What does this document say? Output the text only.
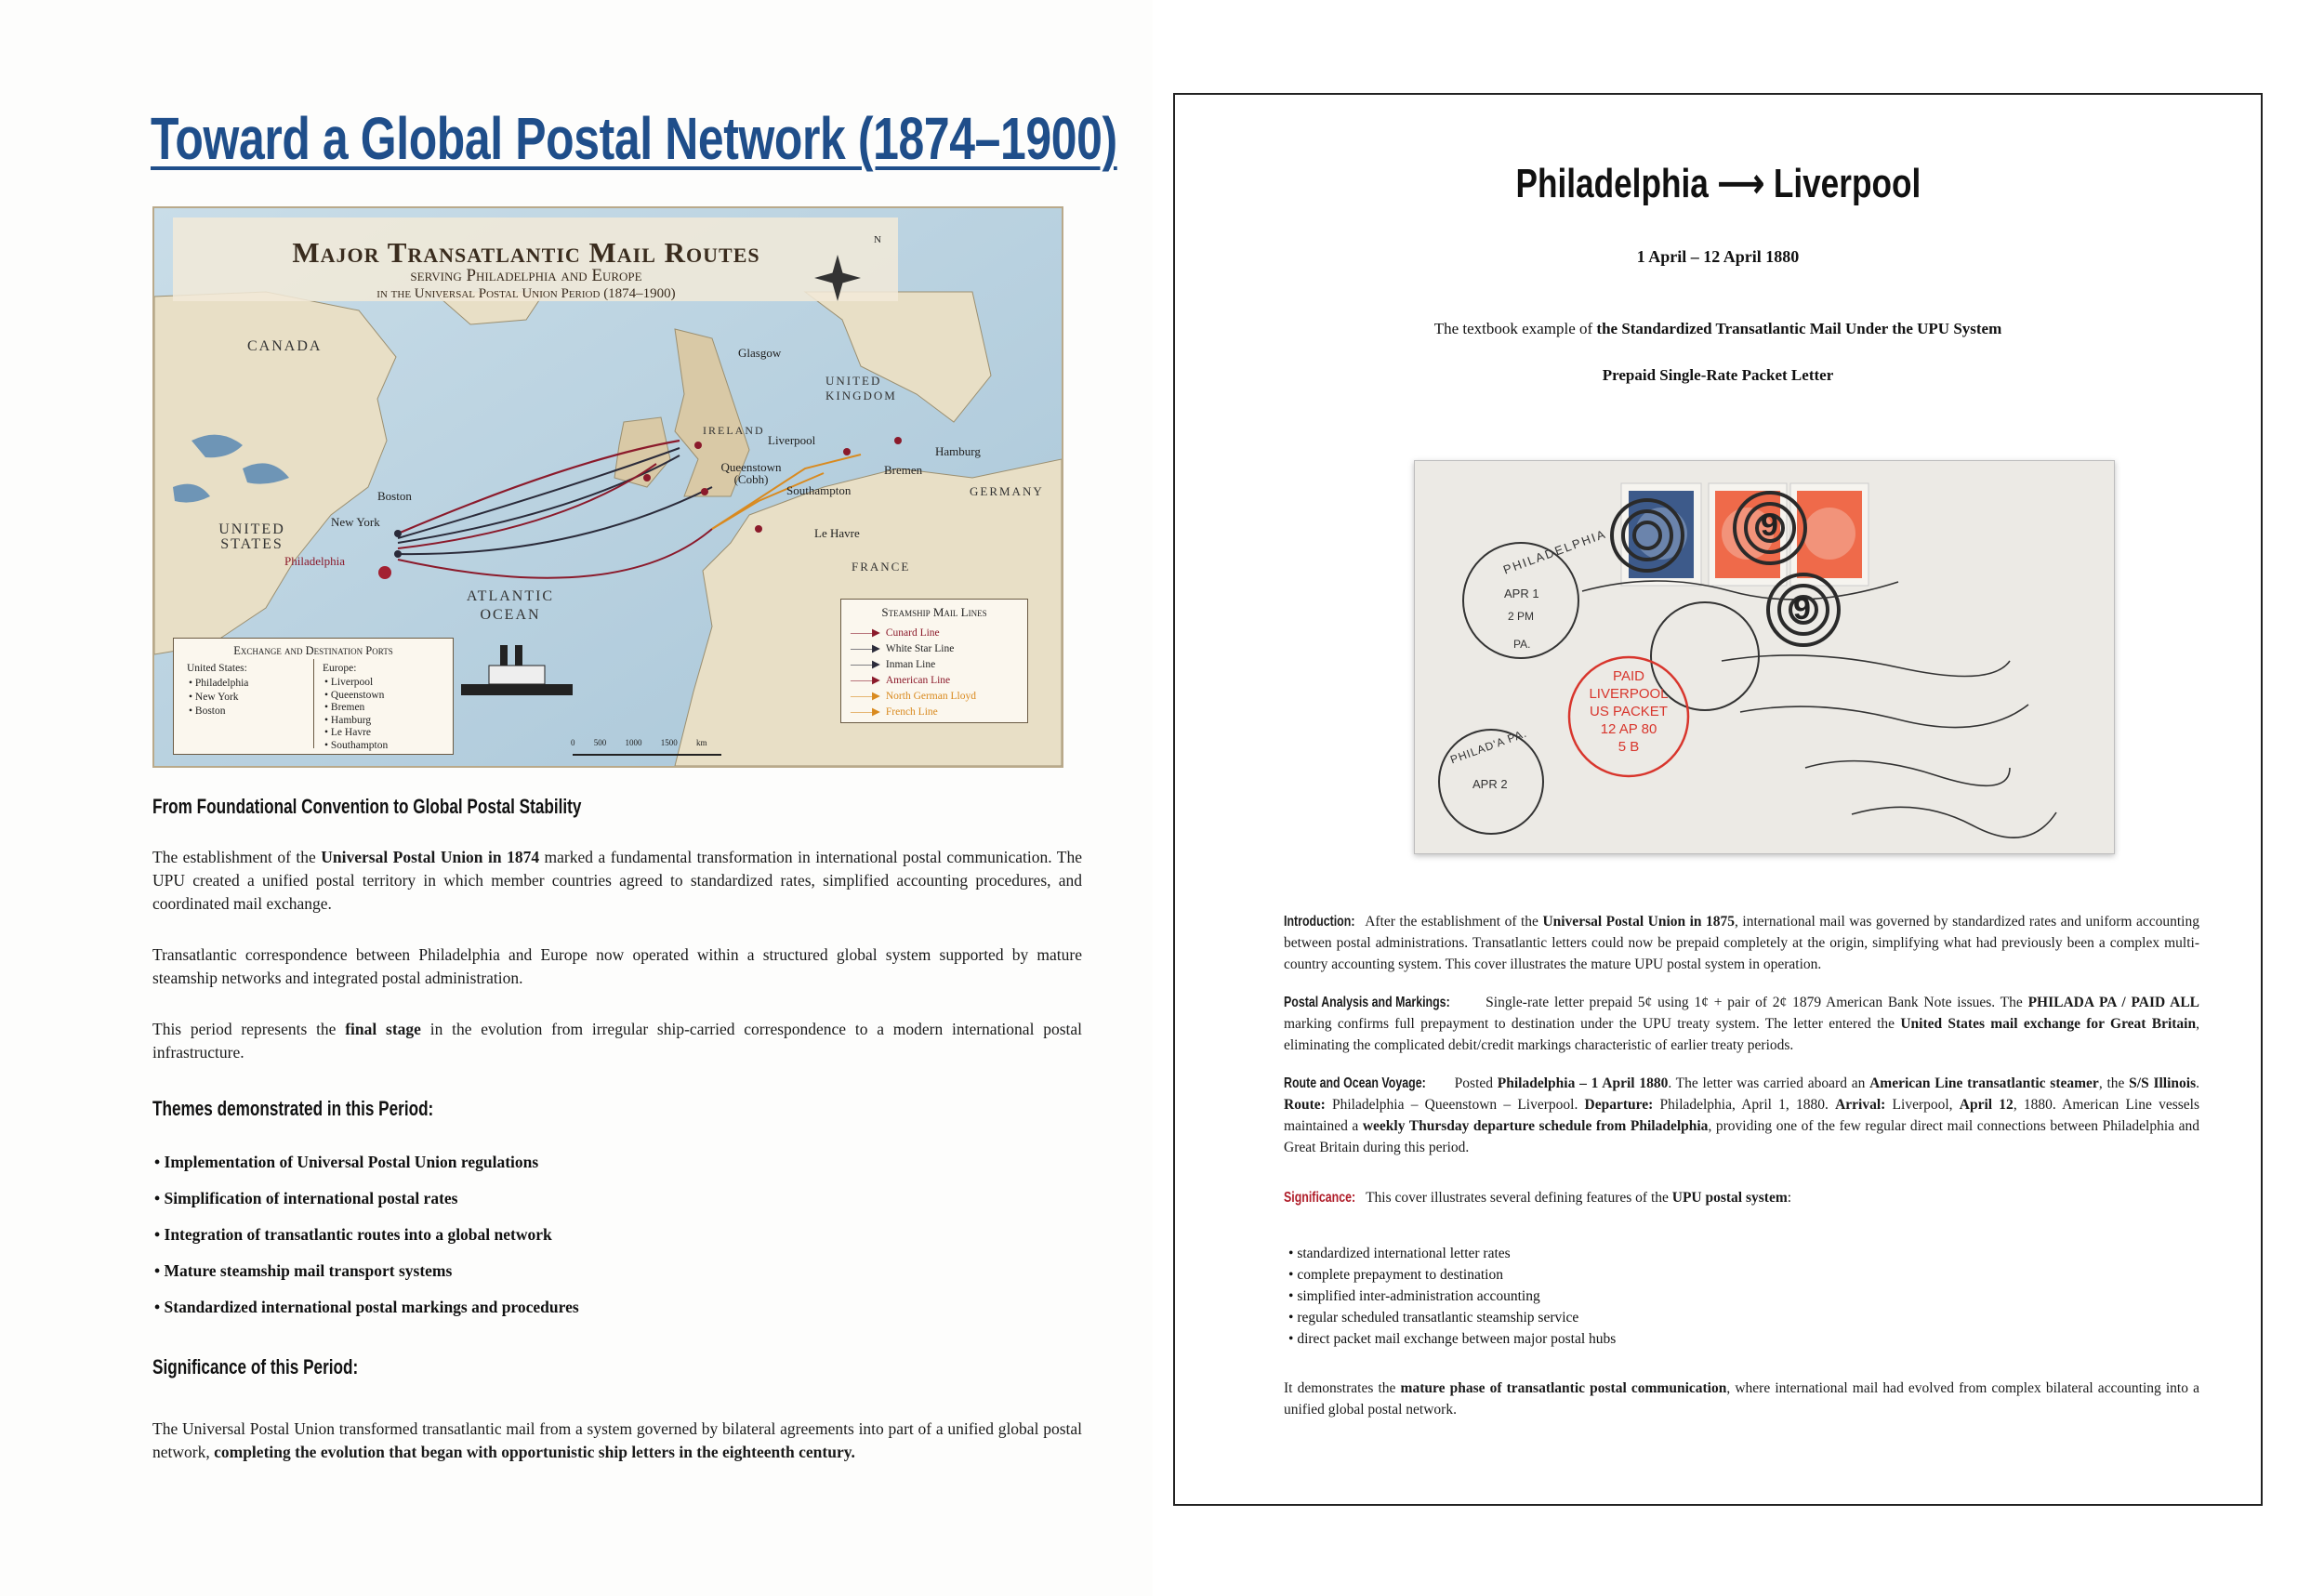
Toward a Global Postal Network (1874–1900)
Major Transatlantic Mail Routes
serving Philadelphia and Europe
in the Universal Postal Union Period (1874–1900)
N
CANADA
UNITED STATES
UNITED KINGDOM
IRELAND
GERMANY
FRANCE
ATLANTIC OCEAN
Glasgow
Liverpool
Queenstown (Cobh)
Southampton
Bremen
Hamburg
Le Havre
Boston
New York
Philadelphia
Exchange and Destination Ports
United States:
• Philadelphia
• New York
• Boston
Europe:
• Liverpool
• Queenstown
• Bremen
• Hamburg
• Le Havre
• Southampton
Steamship Mail Lines
——▶ Cunard Line
——▶ White Star Line
——▶ Inman Line
——▶ American Line
——▶ North German Lloyd
——▶ French Line
0 500 1000 1500 km
From Foundational Convention to Global Postal Stability
The establishment of the Universal Postal Union in 1874 marked a fundamental transformation in international postal communication. The UPU created a unified postal territory in which member countries agreed to standardized rates, simplified accounting procedures, and coordinated mail exchange.
Transatlantic correspondence between Philadelphia and Europe now operated within a structured global system supported by mature steamship networks and integrated postal administration.
This period represents the final stage in the evolution from irregular ship-carried correspondence to a modern international postal infrastructure.
Themes demonstrated in this Period:
• Implementation of Universal Postal Union regulations
• Simplification of international postal rates
• Integration of transatlantic routes into a global network
• Mature steamship mail transport systems
• Standardized international postal markings and procedures
Significance of this Period:
The Universal Postal Union transformed transatlantic mail from a system governed by bilateral agreements into part of a unified global postal network, completing the evolution that began with opportunistic ship letters in the eighteenth century.
Philadelphia ⟶ Liverpool
1 April – 12 April 1880
The textbook example of the Standardized Transatlantic Mail Under the UPU System
Prepaid Single-Rate Packet Letter
PHILADELPHIA
APR 1
2 PM
PA.
9
9
PAID
LIVERPOOL
US PACKET
12 AP 80
5 B
PHILAD'A PA.
APR 2
Introduction: After the establishment of the Universal Postal Union in 1875, international mail was governed by standardized rates and uniform accounting between postal administrations. Transatlantic letters could now be prepaid completely at the origin, simplifying what had previously been a complex multi-country accounting system. This cover illustrates the mature UPU postal system in operation.
Postal Analysis and Markings: Single-rate letter prepaid 5¢ using 1¢ + pair of 2¢ 1879 American Bank Note issues. The PHILADA PA / PAID ALL marking confirms full prepayment to destination under the UPU treaty system. The letter entered the United States mail exchange for Great Britain, eliminating the complicated debit/credit markings characteristic of earlier treaty periods.
Route and Ocean Voyage: Posted Philadelphia – 1 April 1880. The letter was carried aboard an American Line transatlantic steamer, the S/S Illinois. Route: Philadelphia – Queenstown – Liverpool. Departure: Philadelphia, April 1, 1880. Arrival: Liverpool, April 12, 1880. American Line vessels maintained a weekly Thursday departure schedule from Philadelphia, providing one of the few regular direct mail connections between Philadelphia and Great Britain during this period.
Significance: This cover illustrates several defining features of the UPU postal system:
• standardized international letter rates
• complete prepayment to destination
• simplified inter-administration accounting
• regular scheduled transatlantic steamship service
• direct packet mail exchange between major postal hubs
It demonstrates the mature phase of transatlantic postal communication, where international mail had evolved from complex bilateral accounting into a unified global postal network.
